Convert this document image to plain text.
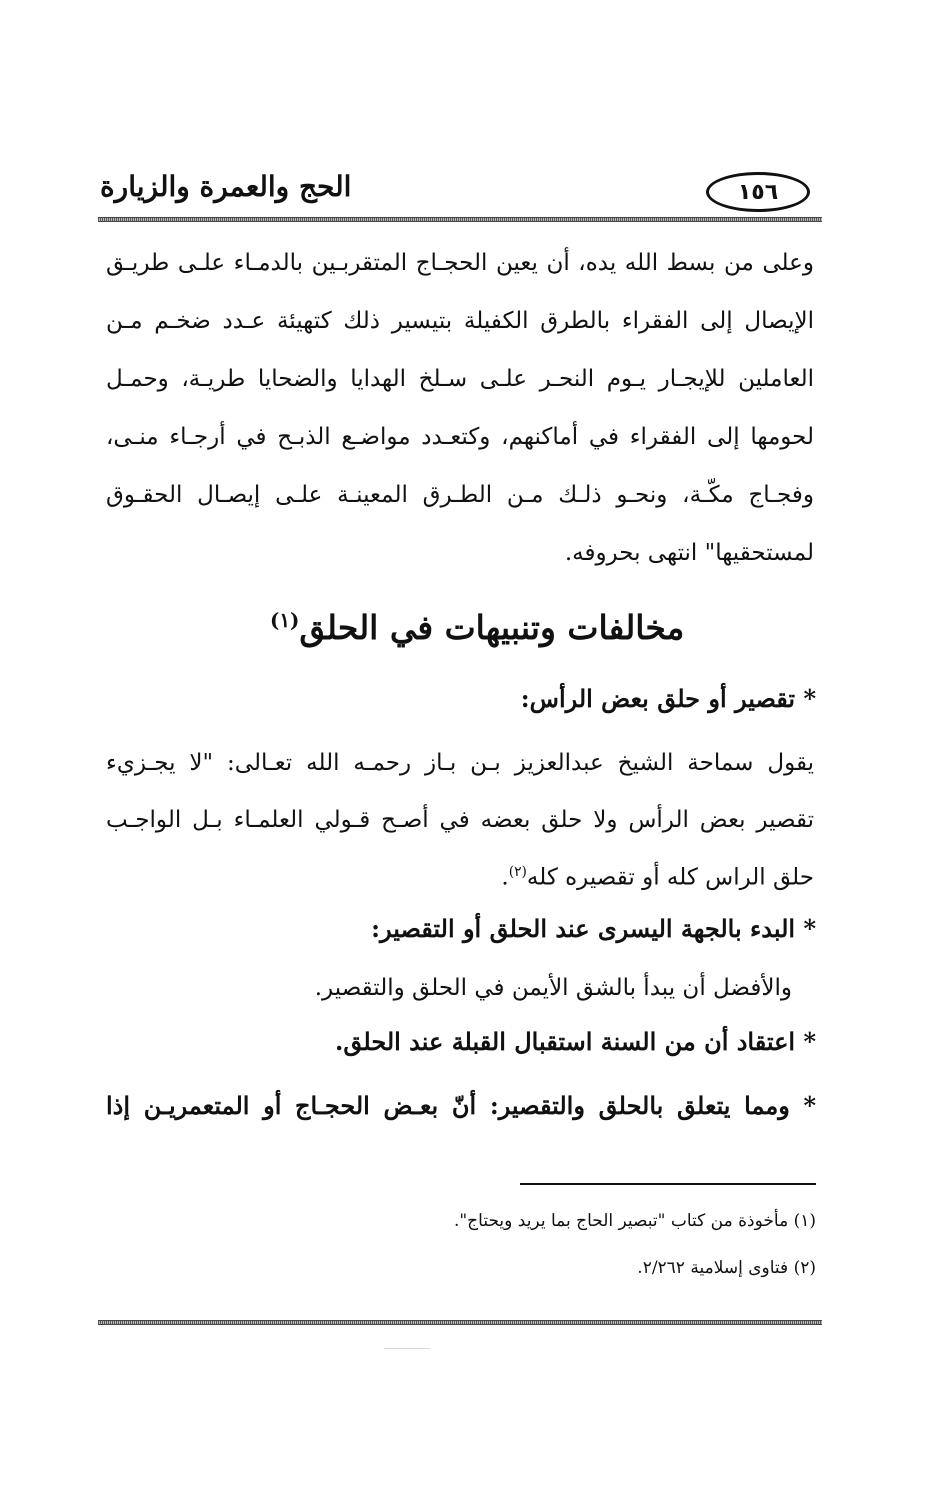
الحج والعمرة والزيارة	١٥٦
وعلى من بسط الله يده، أن يعين الحجـاج المتقربـين بالدمـاء علـى طريـق
الإيصال إلى الفقراء بالطرق الكفيلة بتيسير ذلك كتهيئة عـدد ضخـم مـن
العاملين للإيجـار يـوم النحـر علـى سـلخ الهدايا والضحايا طريـة، وحمـل
لحومها إلى الفقراء في أماكنهم، وكتعـدد مواضـع الذبـح في أرجـاء منـى،
وفجـاج مكّـة، ونحـو ذلـك مـن الطـرق المعينـة علـى إيصـال الحقـوق
لمستحقيها" انتهى بحروفه.
مخالفات وتنبيهات في الحلق$^{(١)}$
* تقصير أو حلق بعض الرأس:
يقول سماحة الشيخ عبدالعزيز بـن بـاز رحمـه الله تعـالى: "لا يجـزيء
تقصير بعض الرأس ولا حلق بعضه في أصـح قـولي العلمـاء بـل الواجـب
حلق الراس كله أو تقصيره كله$^{(٢)}$.
* البدء بالجهة اليسرى عند الحلق أو التقصير:
والأفضل أن يبدأ بالشق الأيمن في الحلق والتقصير.
* اعتقاد أن من السنة استقبال القبلة عند الحلق.
* ومما يتعلق بالحلق والتقصير: أنّ بعـض الحجـاج أو المتعمريـن إذا
(١) مأخوذة من كتاب "تبصير الحاج بما يريد ويحتاج".
(٢) فتاوى إسلامية ٢/٢٦٢.
